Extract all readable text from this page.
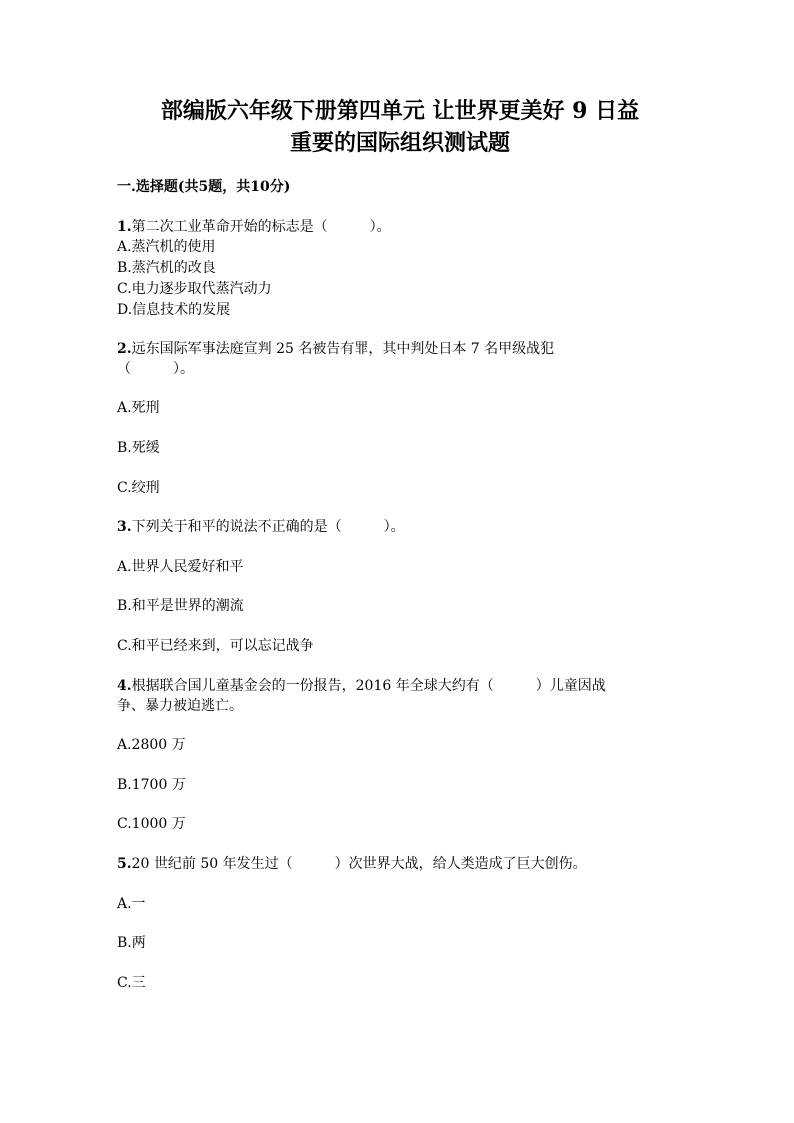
部编版六年级下册第四单元 让世界更美好 9 日益
重要的国际组织测试题
一.选择题(共5题，共10分)
1.第二次工业革命开始的标志是（　　　）。
A.蒸汽机的使用
B.蒸汽机的改良
C.电力逐步取代蒸汽动力
D.信息技术的发展
2.远东国际军事法庭宣判 25 名被告有罪，其中判处日本 7 名甲级战犯
（　　　）。
A.死刑
B.死缓
C.绞刑
3.下列关于和平的说法不正确的是（　　　）。
A.世界人民爱好和平
B.和平是世界的潮流
C.和平已经来到，可以忘记战争
4.根据联合国儿童基金会的一份报告，2016 年全球大约有（　　　）儿童因战
争、暴力被迫逃亡。
A.2800 万
B.1700 万
C.1000 万
5.20 世纪前 50 年发生过（　　　）次世界大战，给人类造成了巨大创伤。
A.一
B.两
C.三
